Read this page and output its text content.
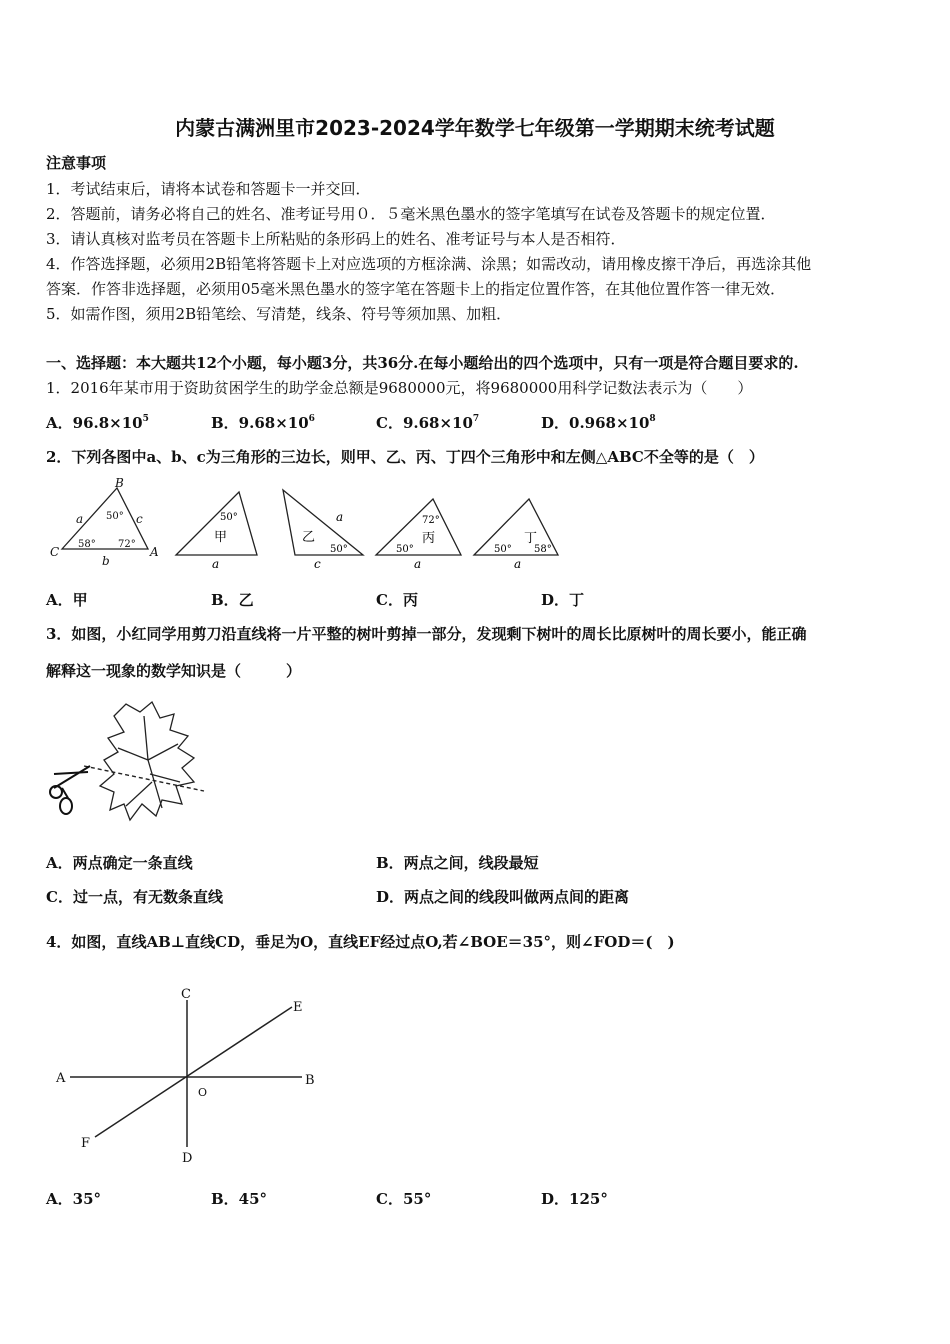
内蒙古满洲里市2023-2024学年数学七年级第一学期期末统考试题
注意事项
1．考试结束后，请将本试卷和答题卡一并交回．
2．答题前，请务必将自己的姓名、准考证号用０．５毫米黑色墨水的签字笔填写在试卷及答题卡的规定位置．
3．请认真核对监考员在答题卡上所粘贴的条形码上的姓名、准考证号与本人是否相符．
4．作答选择题，必须用2B铅笔将答题卡上对应选项的方框涂满、涂黑；如需改动，请用橡皮擦干净后，再选涂其他
答案．作答非选择题，必须用05毫米黑色墨水的签字笔在答题卡上的指定位置作答，在其他位置作答一律无效．
5．如需作图，须用2B铅笔绘、写清楚，线条、符号等须加黑、加粗．
一、选择题：本大题共12个小题，每小题3分，共36分.在每小题给出的四个选项中，只有一项是符合题目要求的.
1．2016年某市用于资助贫困学生的助学金总额是9680000元，将9680000用科学记数法表示为（　　）
A．$96.8\times 10^5$	B．$9.68\times 10^6$	C．$9.68\times 10^7$	D．$0.968\times 10^8$
2．下列各图中a、b、c为三角形的三边长，则甲、乙、丙、丁四个三角形中和左侧△ABC不全等的是（　）
B
C	A
a	c
b
50°
58° 72°
50°
甲
a
a
乙
50°
c
72°
丙
50°
a
丁
50° 58°
a
A．甲	B．乙	C．丙	D．丁
3．如图，小红同学用剪刀沿直线将一片平整的树叶剪掉一部分，发现剩下树叶的周长比原树叶的周长要小，能正确
解释这一现象的数学知识是（　　　）
A．两点确定一条直线	B．两点之间，线段最短
C．过一点，有无数条直线	D．两点之间的线段叫做两点间的距离
4．如图，直线AB⊥直线CD，垂足为O，直线EF经过点O,若∠BOE＝35°，则∠FOD＝(　)
A	B
C
D
E
F
O
A．35°	B．45°	C．55°	D．125°
